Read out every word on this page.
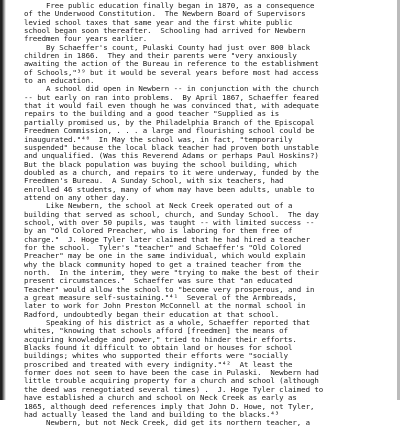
Free public education finally began in 1870, as a consequence
of the Underwood Constitution.  The Newbern Board of Supervisors
levied school taxes that same year and the first white public
school began soon thereafter.  Schooling had arrived for Newbern
freedmen four years earlier.
By Schaeffer's count, Pulaski County had just over 800 black
children in 1866.  They and their parents were "very anxiously
awaiting the action of the Bureau in reference to the establishment
of Schools,"³⁹ but it would be several years before most had access
to an education.
A school did open in Newbern -- in conjunction with the church
-- but early on ran into problems.  By April 1867, Schaeffer feared
that it would fail even though he was convinced that, with adequate
repairs to the building and a good teacher "Supplied as is
partially promised us, by the Philadelphia Branch of the Episcopal
Freedmen Commission, . . . a large and flourishing school could be
inaugurated."⁴⁰  In May the school was, in fact, "temporarily
suspended" because the local black teacher had proven both unstable
and unqualified. (Was this Reverend Adams or perhaps Paul Hoskins?)
But the black population was buying the school building, which
doubled as a church, and repairs to it were underway, funded by the
Freedmen's Bureau.  A Sunday School, with six teachers, had
enrolled 46 students, many of whom may have been adults, unable to
attend on any other day.
Like Newbern, the school at Neck Creek operated out of a
building that served as school, church, and Sunday School.  The day
school, with over 50 pupils, was taught -- with limited success --
by an "Old Colored Preacher, who is laboring for them free of
charge."  J. Hoge Tyler later claimed that he had hired a teacher
for the school.  Tyler's "teacher" and Schaeffer's "Old Colored
Preacher" may be one in the same individual, which would explain
why the black community hoped to get a trained teacher from the
north.  In the interim, they were "trying to make the best of their
present circumstances."  Schaeffer was sure that "an educated
Teacher" would allow the school to "become very prosperous, and in
a great measure self-sustaining."⁴¹  Several of the Armbreads,
later to work for John Preston McConnell at the normal school in
Radford, undoubtedly began their education at that school.
Speaking of his district as a whole, Schaeffer reported that
whites, "knowing that schools afford [freedmen] the means of
acquiring knowledge and power," tried to hinder their efforts.
Blacks found it difficult to obtain land or houses for school
buildings; whites who supported their efforts were "socially
proscribed and treated with every indignity."⁴²  At least the
former does not seem to have been the case in Pulaski.  Newbern had
little trouble acquiring property for a church and school (although
the deed was renegotiated several times) .  J. Hoge Tyler claimed to
have established a church and school on Neck Creek as early as
1865, although deed references imply that John D. Howe, not Tyler,
had actually leased the land and building to the blacks.⁴³
Newbern, but not Neck Creek, did get its northern teacher, a
